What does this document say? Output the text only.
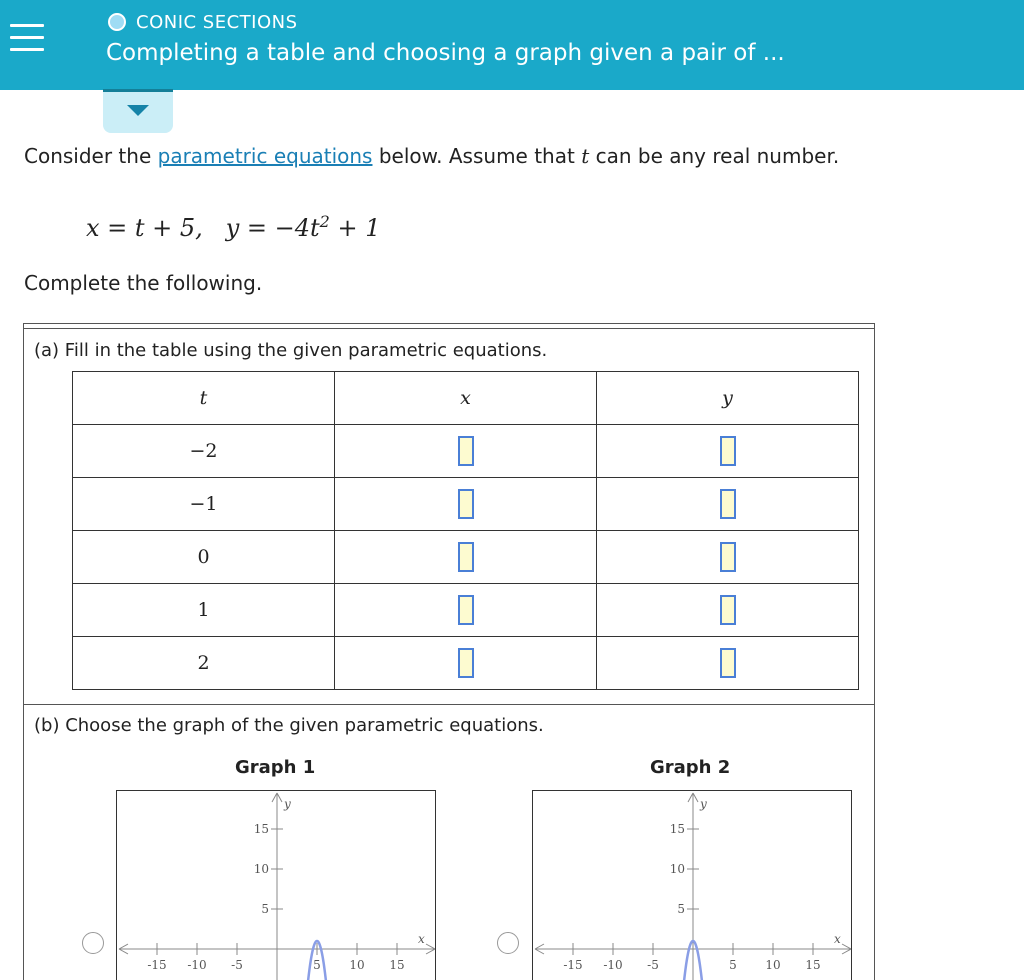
CONIC SECTIONS
Completing a table and choosing a graph given a pair of ...
Consider the parametric equations below. Assume that t can be any real number.
x = t + 5, $y = -4t^2 + 1$
Complete the following.
(a) Fill in the table using the given parametric equations.
t	x	y
−2		
−1		
0		
1		
2		
(b) Choose the graph of the given parametric equations.
Graph 1
y
x
15
10
5
-15 -10 -5	5 10 15
Graph 2
y
x
15
10
5
-15 -10 -5	5 10 15
